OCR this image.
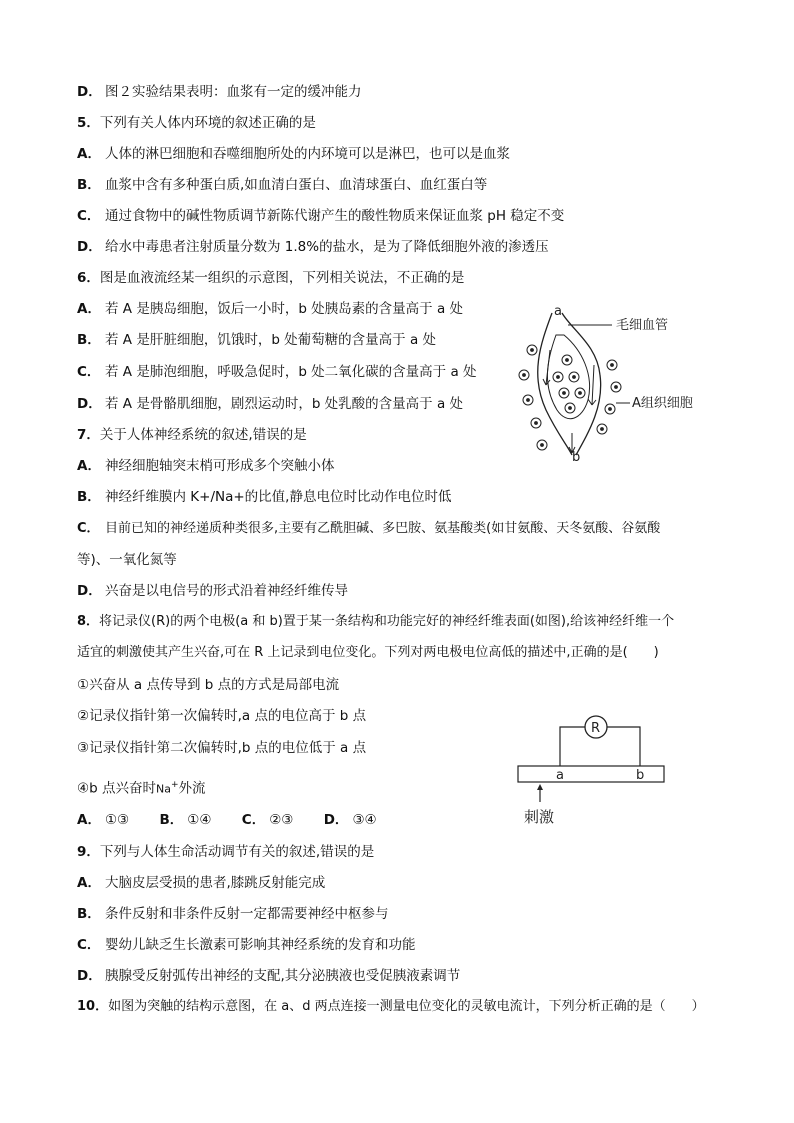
D． 图２实验结果表明：血浆有一定的缓冲能力
5．下列有关人体内环境的叙述正确的是
A． 人体的淋巴细胞和吞噬细胞所处的内环境可以是淋巴，也可以是血浆
B． 血浆中含有多种蛋白质,如血清白蛋白、血清球蛋白、血红蛋白等
C． 通过食物中的碱性物质调节新陈代谢产生的酸性物质来保证血浆 pH 稳定不变
D． 给水中毒患者注射质量分数为 1.8%的盐水，是为了降低细胞外液的渗透压
6．图是血液流经某一组织的示意图，下列相关说法，不正确的是
A． 若 A 是胰岛细胞，饭后一小时，b 处胰岛素的含量高于 a 处
B． 若 A 是肝脏细胞，饥饿时，b 处葡萄糖的含量高于 a 处
C． 若 A 是肺泡细胞，呼吸急促时，b 处二氧化碳的含量高于 a 处
D． 若 A 是骨骼肌细胞，剧烈运动时，b 处乳酸的含量高于 a 处
7．关于人体神经系统的叙述,错误的是
A． 神经细胞轴突末梢可形成多个突触小体
B． 神经纤维膜内 K+/Na+的比值,静息电位时比动作电位时低
C． 目前已知的神经递质种类很多,主要有乙酰胆碱、多巴胺、氨基酸类(如甘氨酸、天冬氨酸、谷氨酸
等)、一氧化氮等
D． 兴奋是以电信号的形式沿着神经纤维传导
8．将记录仪(R)的两个电极(a 和 b)置于某一条结构和功能完好的神经纤维表面(如图),给该神经纤维一个
适宜的刺激使其产生兴奋,可在 R 上记录到电位变化。下列对两电极电位高低的描述中,正确的是(　　)
①兴奋从 a 点传导到 b 点的方式是局部电流
②记录仪指针第一次偏转时,a 点的电位高于 b 点
③记录仪指针第二次偏转时,b 点的电位低于 a 点
④b 点兴奋时Na+外流
A． ①③ B． ①④ C． ②③ D． ③④
9．下列与人体生命活动调节有关的叙述,错误的是
A． 大脑皮层受损的患者,膝跳反射能完成
B． 条件反射和非条件反射一定都需要神经中枢参与
C． 婴幼儿缺乏生长激素可影响其神经系统的发育和功能
D． 胰腺受反射弧传出神经的支配,其分泌胰液也受促胰液素调节
10．如图为突触的结构示意图，在 a、d 两点连接一测量电位变化的灵敏电流计，下列分析正确的是（　　）
a
b
毛细血管
A组织细胞
R
a	b
刺激
